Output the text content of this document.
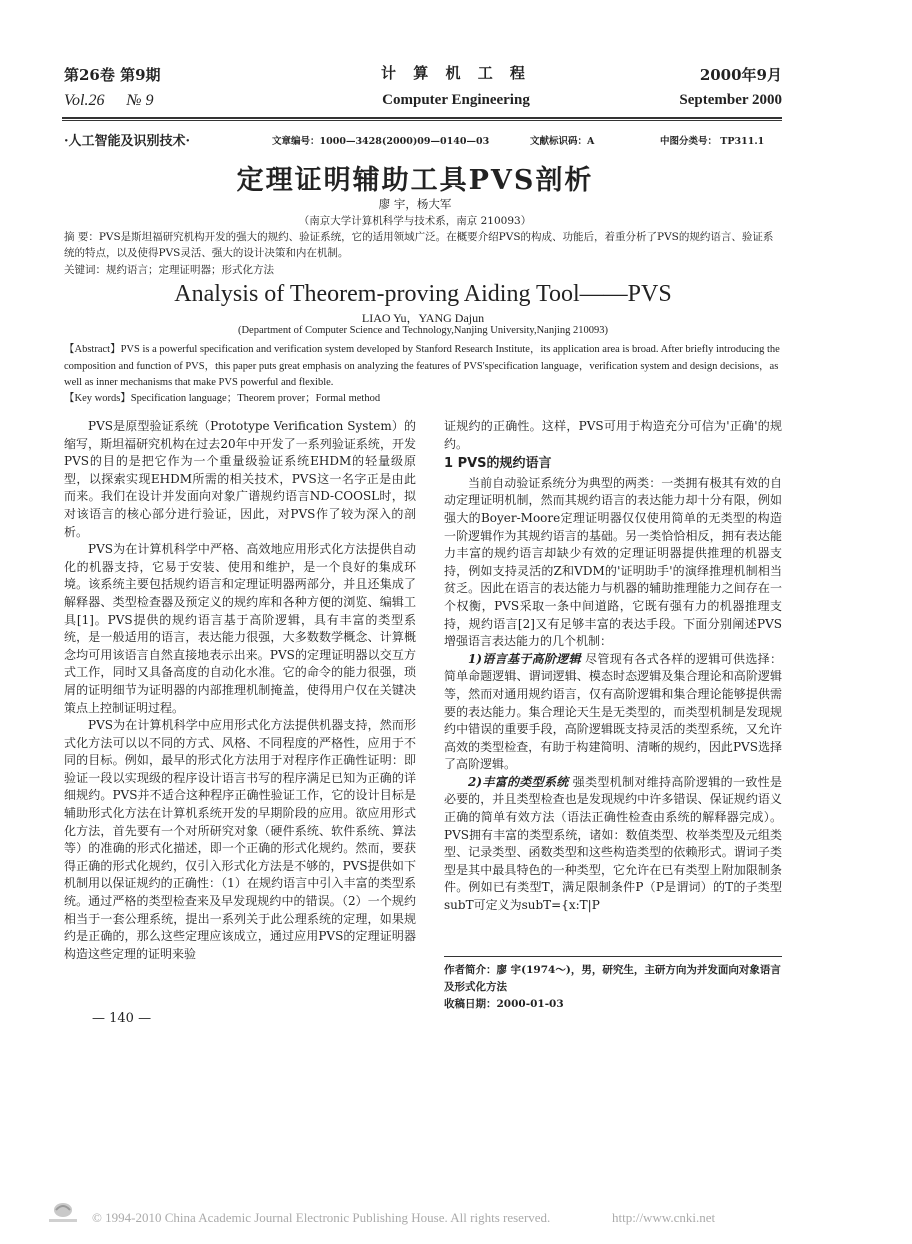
第26卷 第9期	计 算 机 工 程	2000年9月
Vol.26 № 9	Computer Engineering	September 2000
·人工智能及识别技术·	文章编号：1000—3428(2000)09—0140—03	文献标识码：A	中图分类号： TP311.1
定理证明辅助工具PVS剖析
廖 宇，杨大军
（南京大学计算机科学与技术系，南京 210093）
摘 要：PVS是斯坦福研究机构开发的强大的规约、验证系统，它的适用领域广泛。在概要介绍PVS的构成、功能后，着重分析了PVS的规约语言、验证系统的特点，以及使得PVS灵活、强大的设计决策和内在机制。
关键词：规约语言；定理证明器；形式化方法
Analysis of Theorem-proving Aiding Tool——PVS
LIAO Yu，YANG Dajun
(Department of Computer Science and Technology,Nanjing University,Nanjing 210093)
【Abstract】PVS is a powerful specification and verification system developed by Stanford Research Institute，its application area is broad. After briefly introducing the composition and function of PVS，this paper puts great emphasis on analyzing the features of PVS'specification language，verification system and design decisions，as well as inner mechanisms that make PVS powerful and flexible.
【Key words】Specification language；Theorem prover；Formal method

PVS是原型验证系统（Prototype Verification System）的缩写，斯坦福研究机构在过去20年中开发了一系列验证系统，开发PVS的目的是把它作为一个重量级验证系统EHDM的轻量级原型，以探索实现EHDM所需的相关技术，PVS这一名字正是由此而来。我们在设计并发面向对象广谱规约语言ND-COOSL时，拟对该语言的核心部分进行验证，因此，对PVS作了较为深入的剖析。

PVS为在计算机科学中严格、高效地应用形式化方法提供自动化的机器支持，它易于安装、使用和维护，是一个良好的集成环境。该系统主要包括规约语言和定理证明器两部分，并且还集成了解释器、类型检查器及预定义的规约库和各种方便的浏览、编辑工具[1]。PVS提供的规约语言基于高阶逻辑，具有丰富的类型系统，是一般适用的语言，表达能力很强，大多数数学概念、计算概念均可用该语言自然直接地表示出来。PVS的定理证明器以交互方式工作，同时又具备高度的自动化水准。它的命令的能力很强，琐屑的证明细节为证明器的内部推理机制掩盖，使得用户仅在关键决策点上控制证明过程。

PVS为在计算机科学中应用形式化方法提供机器支持，然而形式化方法可以以不同的方式、风格、不同程度的严格性，应用于不同的目标。例如，最早的形式化方法用于对程序作正确性证明：即验证一段以实现级的程序设计语言书写的程序满足已知为正确的详细规约。PVS并不适合这种程序正确性验证工作，它的设计目标是辅助形式化方法在计算机系统开发的早期阶段的应用。欲应用形式化方法，首先要有一个对所研究对象（硬件系统、软件系统、算法等）的准确的形式化描述，即一个正确的形式化规约。然而，要获得正确的形式化规约，仅引入形式化方法是不够的，PVS提供如下机制用以保证规约的正确性：（1）在规约语言中引入丰富的类型系统。通过严格的类型检查来及早发现规约中的错误。（2）一个规约相当于一套公理系统，提出一系列关于此公理系统的定理，如果规约是正确的，那么这些定理应该成立，通过应用PVS的定理证明器构造这些定理的证明来验

— 140 —

证规约的正确性。这样，PVS可用于构造充分可信为'正确'的规约。

1 PVS的规约语言

当前自动验证系统分为典型的两类：一类拥有极其有效的自动定理证明机制，然而其规约语言的表达能力却十分有限，例如强大的Boyer-Moore定理证明器仅仅使用简单的无类型的构造一阶逻辑作为其规约语言的基础。另一类恰恰相反，拥有表达能力丰富的规约语言却缺少有效的定理证明器提供推理的机器支持，例如支持灵活的Z和VDM的'证明助手'的演绎推理机制相当贫乏。因此在语言的表达能力与机器的辅助推理能力之间存在一个权衡，PVS采取一条中间道路，它既有强有力的机器推理支持，规约语言[2]又有足够丰富的表达手段。下面分别阐述PVS增强语言表达能力的几个机制：

1)语言基于高阶逻辑 尽管现有各式各样的逻辑可供选择：简单命题逻辑、谓词逻辑、模态时态逻辑及集合理论和高阶逻辑等，然而对通用规约语言，仅有高阶逻辑和集合理论能够提供需要的表达能力。集合理论天生是无类型的，而类型机制是发现规约中错误的重要手段，高阶逻辑既支持灵活的类型系统，又允许高效的类型检查，有助于构建简明、清晰的规约，因此PVS选择了高阶逻辑。

2)丰富的类型系统 强类型机制对维持高阶逻辑的一致性是必要的，并且类型检查也是发现规约中许多错误、保证规约语义正确的简单有效方法（语法正确性检查由系统的解释器完成）。PVS拥有丰富的类型系统，诸如：数值类型、枚举类型及元组类型、记录类型、函数类型和这些构造类型的依赖形式。谓词子类型是其中最具特色的一种类型，它允许在已有类型上附加限制条件。例如已有类型T，满足限制条件P（P是谓词）的T的子类型subT可定义为subT={x:T|P

作者简介：廖 宇(1974～)，男，研究生，主研方向为并发面向对象语言及形式化方法
收稿日期：2000-01-03
© 1994-2010 China Academic Journal Electronic Publishing House. All rights reserved.	http://www.cnki.net
